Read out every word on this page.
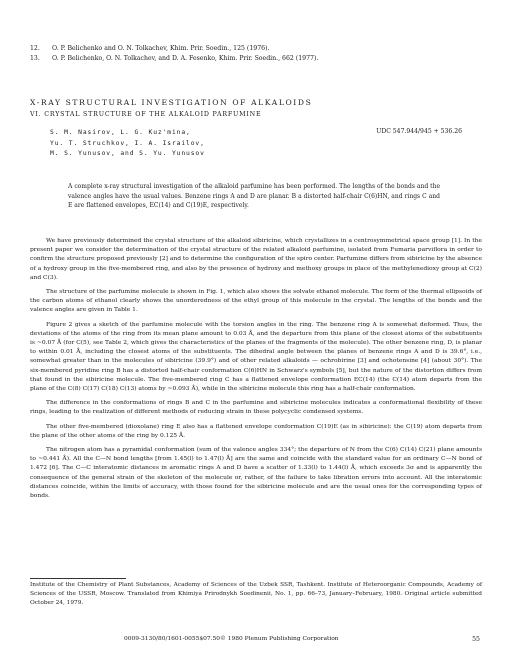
12. O. P. Belichenko and O. N. Tolkachev, Khim. Prir. Soedin., 125 (1976).
13. O. P. Belichenko, O. N. Tolkachev, and D. A. Fesenko, Khim. Prir. Soedin., 662 (1977).
X-RAY STRUCTURAL INVESTIGATION OF ALKALOIDS
VI. CRYSTAL STRUCTURE OF THE ALKALOID PARFUMINE
S. M. Nasirov, L. G. Kuz'mina,
Yu. T. Struchkov, I. A. Israilov,
M. S. Yunusov, and S. Yu. Yunusov
UDC 547.944/945 + 536.26
A complete x-ray structural investigation of the alkaloid parfumine has been performed. The lengths of the bonds and the valence angles have the usual values. Benzene rings A and D are planar. B a distorted half-chair C(6)HN, and rings C and E are flattened envelopes, EC(14) and C(19)E, respectively.

We have previously determined the crystal structure of the alkaloid sibiricine, which crystallizes in a centrosymmetrical space group [1]. In the present paper we consider the determination of the crystal structure of the related alkaloid parfumine, isolated from Fumaria parviflora in order to confirm the structure proposed previously [2] and to determine the configuration of the spiro center. Parfumine differs from sibiricine by the absence of a hydroxy group in the five-membered ring, and also by the presence of hydroxy and methoxy groups in place of the methylenedioxy group at C(2) and C(3).

The structure of the parfumine molecule is shown in Fig. 1, which also shows the solvate ethanol molecule. The form of the thermal ellipsoids of the carbon atoms of ethanol clearly shows the unorderedness of the ethyl group of this molecule in the crystal. The lengths of the bonds and the valence angles are given in Table 1.

Figure 2 gives a sketch of the parfumine molecule with the torsion angles in the ring. The benzene ring A is somewhat deformed. Thus, the deviations of the atoms of the ring from its mean plane amount to 0.03 Å, and the departure from this plane of the closest atoms of the substituents is ~0.07 Å (for C(5), see Table 2, which gives the characteristics of the planes of the fragments of the molecule). The other benzene ring, D, is planar to within 0.01 Å, including the closest atoms of the substituents. The dihedral angle between the planes of benzene rings A and D is 39.6°, i.e., somewhat greater than in the molecules of sibiricine (39.9°) and of other related alkaloids — ochrobirine [3] and ochotensine [4] (about 30°). The six-membered pyridine ring B has a distorted half-chair conformation C(6)HN in Schwarz's symbols [5], but the nature of the distortion differs from that found in the sibiricine molecule. The five-membered ring C has a flattened envelope conformation EC(14) (the C(14) atom departs from the plane of the C(8) C(17) C(18) C(13) atoms by ~0.093 Å), while in the sibiricine molecule this ring has a half-chair conformation.

The difference in the conformations of rings B and C in the parfumine and sibiricine molecules indicates a conformational flexibility of these rings, leading to the realization of different methods of reducing strain in these polycyclic condensed systems.

The other five-membered (dioxolane) ring E also has a flattened envelope conformation C(19)E (as in sibiricine): the C(19) atom departs from the plane of the other atoms of the ring by 0.125 Å.

The nitrogen atom has a pyramidal conformation (sum of the valence angles 334°; the departure of N from the C(6) C(14) C(21) plane amounts to ~0.441 Å). All the C—N bond lengths [from 1.45(l) to 1.47(l) Å] are the same and coincide with the standard value for an ordinary C—N bond of 1.472 [6]. The C—C interatomic distances in aromatic rings A and D have a scatter of 1.33(l) to 1.44(l) Å, which exceeds 3σ and is apparently the consequence of the general strain of the skeleton of the molecule or, rather, of the failure to take libration errors into account. All the interatomic distances coincide, within the limits of accuracy, with those found for the sibiricine molecule and are the usual ones for the corresponding types of bonds.

Institute of the Chemistry of Plant Substances, Academy of Sciences of the Uzbek SSR, Tashkent. Institute of Heteroorganic Compounds, Academy of Sciences of the USSR, Moscow. Translated from Khimiya Prirodnykh Soedinenii, No. 1, pp. 66–73, January–February, 1980. Original article submitted October 24, 1979.
0009-3130/80/1601-0055$07.50© 1980 Plenum Publishing Corporation	55
